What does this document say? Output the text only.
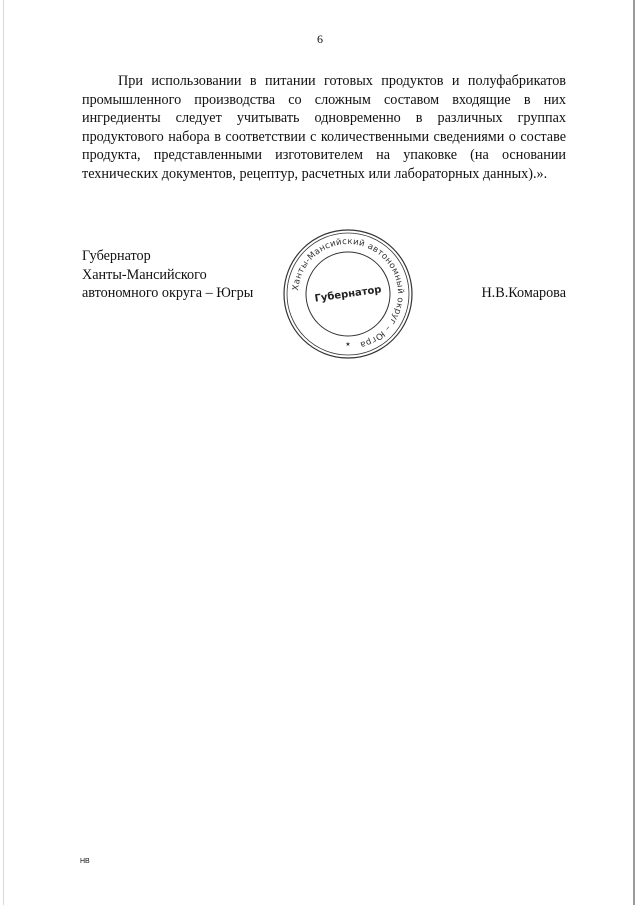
6

При использовании в питании готовых продуктов и полуфабрикатов промышленного производства со сложным составом входящие в них ингредиенты следует учитывать одновременно в различных группах продуктового набора в соответствии с количественными сведениями о составе продукта, представленными изготовителем на упаковке (на основании технических документов, рецептур, расчетных или лабораторных данных).».

Губернатор
Ханты-Мансийского
автономного округа – Югры	Ханты-Мансийский автономный округ – Югра
Губернатор
★
Н.В.Комарова
НВ
